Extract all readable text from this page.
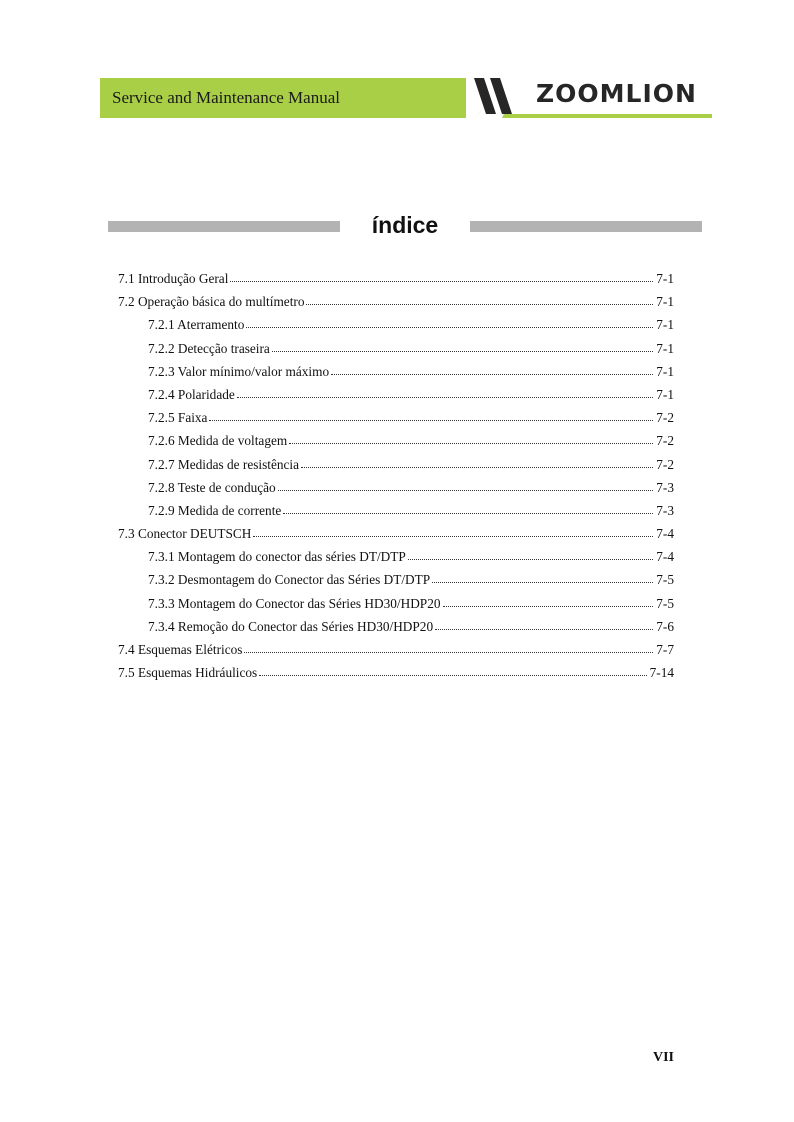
Service and Maintenance Manual	ZOOMLION
índice
7.1 Introdução Geral	7-1
7.2 Operação básica do multímetro	7-1
7.2.1 Aterramento	7-1
7.2.2 Detecção traseira	7-1
7.2.3 Valor mínimo/valor máximo	7-1
7.2.4 Polaridade	7-1
7.2.5 Faixa	7-2
7.2.6 Medida de voltagem	7-2
7.2.7 Medidas de resistência	7-2
7.2.8 Teste de condução	7-3
7.2.9 Medida de corrente	7-3
7.3 Conector DEUTSCH	7-4
7.3.1 Montagem do conector das séries DT/DTP	7-4
7.3.2 Desmontagem do Conector das Séries DT/DTP	7-5
7.3.3 Montagem do Conector das Séries HD30/HDP20	7-5
7.3.4 Remoção do Conector das Séries HD30/HDP20	7-6
7.4 Esquemas Elétricos	7-7
7.5 Esquemas Hidráulicos	7-14
VII
